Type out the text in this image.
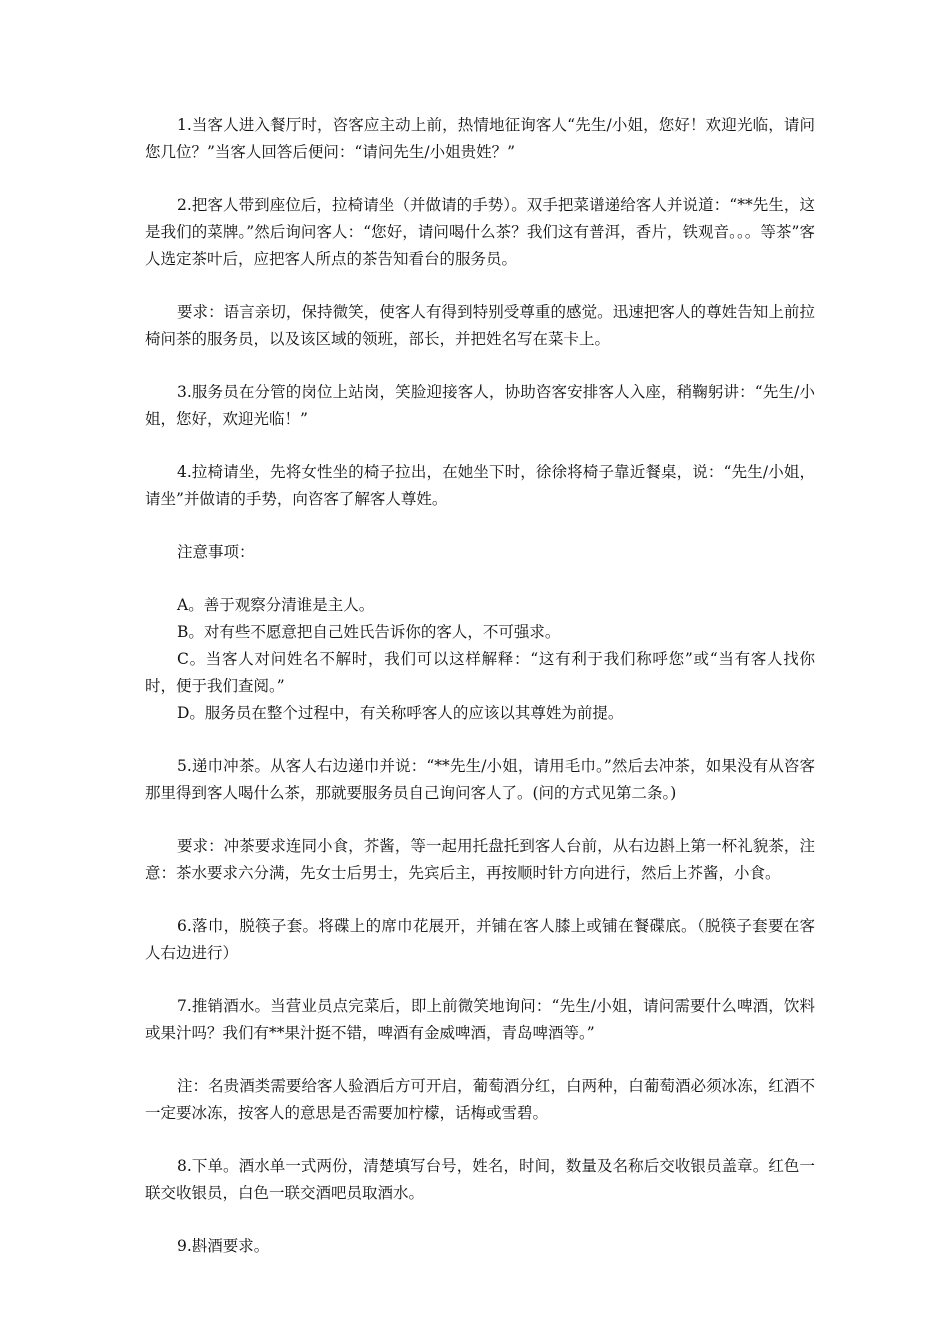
1.当客人进入餐厅时，咨客应主动上前，热情地征询客人“先生/小姐，您好！欢迎光临，请问您几位？”当客人回答后便问：“请问先生/小姐贵姓？”

2.把客人带到座位后，拉椅请坐（并做请的手势）。双手把菜谱递给客人并说道：“**先生，这是我们的菜牌。”然后询问客人：“您好，请问喝什么茶？我们这有普洱，香片，铁观音。。。等茶”客人选定茶叶后，应把客人所点的茶告知看台的服务员。

要求：语言亲切，保持微笑，使客人有得到特别受尊重的感觉。迅速把客人的尊姓告知上前拉椅问茶的服务员，以及该区域的领班，部长，并把姓名写在菜卡上。

3.服务员在分管的岗位上站岗，笑脸迎接客人，协助咨客安排客人入座，稍鞠躬讲：“先生/小姐，您好，欢迎光临！”

4.拉椅请坐，先将女性坐的椅子拉出，在她坐下时，徐徐将椅子靠近餐桌，说：“先生/小姐，请坐”并做请的手势，向咨客了解客人尊姓。

注意事项：

A。善于观察分清谁是主人。

B。对有些不愿意把自己姓氏告诉你的客人，不可强求。

C。当客人对问姓名不解时，我们可以这样解释：“这有利于我们称呼您”或“当有客人找你时，便于我们查阅。”

D。服务员在整个过程中，有关称呼客人的应该以其尊姓为前提。

5.递巾冲茶。从客人右边递巾并说：“**先生/小姐，请用毛巾。”然后去冲茶，如果没有从咨客那里得到客人喝什么茶，那就要服务员自己询问客人了。(问的方式见第二条。)

要求：冲茶要求连同小食，芥酱，等一起用托盘托到客人台前，从右边斟上第一杯礼貌茶，注意：茶水要求六分满，先女士后男士，先宾后主，再按顺时针方向进行，然后上芥酱，小食。

6.落巾，脱筷子套。将碟上的席巾花展开，并铺在客人膝上或铺在餐碟底。（脱筷子套要在客人右边进行）

7.推销酒水。当营业员点完菜后，即上前微笑地询问：“先生/小姐，请问需要什么啤酒，饮料或果汁吗？我们有**果汁挺不错，啤酒有金威啤酒，青岛啤酒等。”

注：名贵酒类需要给客人验酒后方可开启，葡萄酒分红，白两种，白葡萄酒必须冰冻，红酒不一定要冰冻，按客人的意思是否需要加柠檬，话梅或雪碧。

8.下单。酒水单一式两份，清楚填写台号，姓名，时间，数量及名称后交收银员盖章。红色一联交收银员，白色一联交酒吧员取酒水。

9.斟酒要求。
